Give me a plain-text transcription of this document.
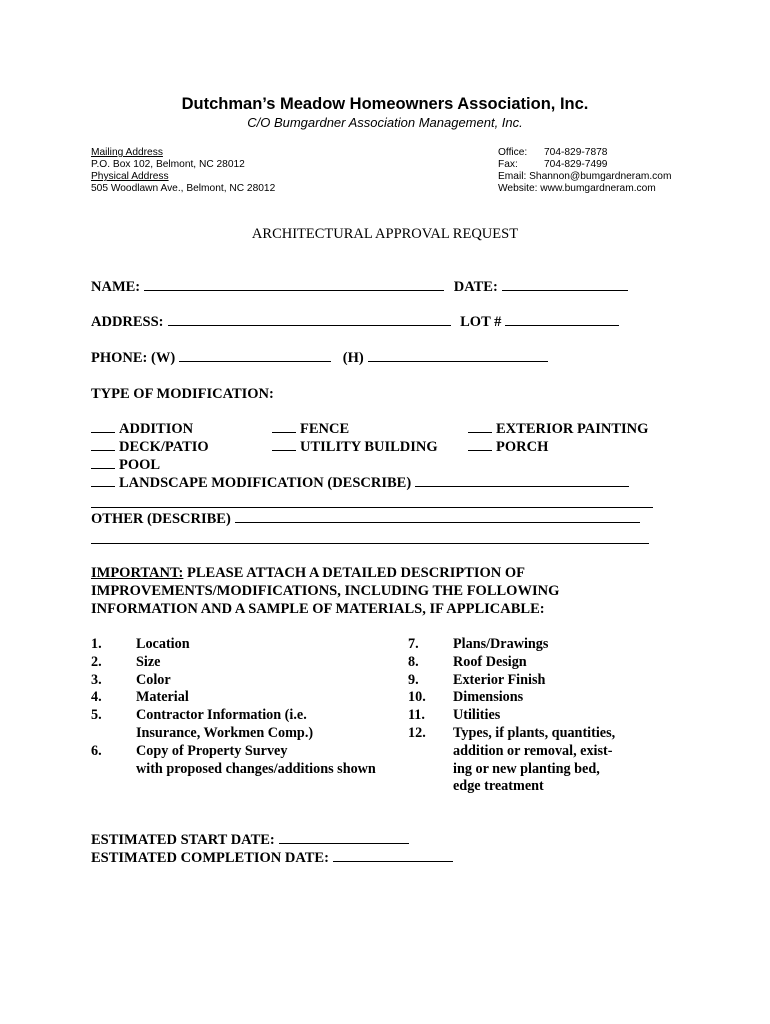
Dutchman’s Meadow Homeowners Association, Inc.
C/O Bumgardner Association Management, Inc.
Mailing Address
P.O. Box 102, Belmont, NC 28012
Physical Address
505 Woodlawn Ave., Belmont, NC 28012
Office: 704-829-7878
Fax:	704-829-7499
Email: Shannon@bumgardneram.com
Website: www.bumgardneram.com
ARCHITECTURAL APPROVAL REQUEST
NAME:	DATE:
ADDRESS:	LOT #
PHONE: (W)	(H)
TYPE OF MODIFICATION:
ADDITION	FENCE	EXTERIOR PAINTING
DECK/PATIO	UTILITY BUILDING	PORCH
POOL
LANDSCAPE MODIFICATION (DESCRIBE)
OTHER (DESCRIBE)
IMPORTANT: PLEASE ATTACH A DETAILED DESCRIPTION OF
IMPROVEMENTS/MODIFICATIONS, INCLUDING THE FOLLOWING
INFORMATION AND A SAMPLE OF MATERIALS, IF APPLICABLE:
1. Location
2. Size
3. Color
4. Material
5. Contractor Information (i.e.
Insurance, Workmen Comp.)
6. Copy of Property Survey
with proposed changes/additions shown
7. Plans/Drawings
8. Roof Design
9. Exterior Finish
10. Dimensions
11. Utilities
12. Types, if plants, quantities,
addition or removal, exist-
ing or new planting bed,
edge treatment
ESTIMATED START DATE:
ESTIMATED COMPLETION DATE:
